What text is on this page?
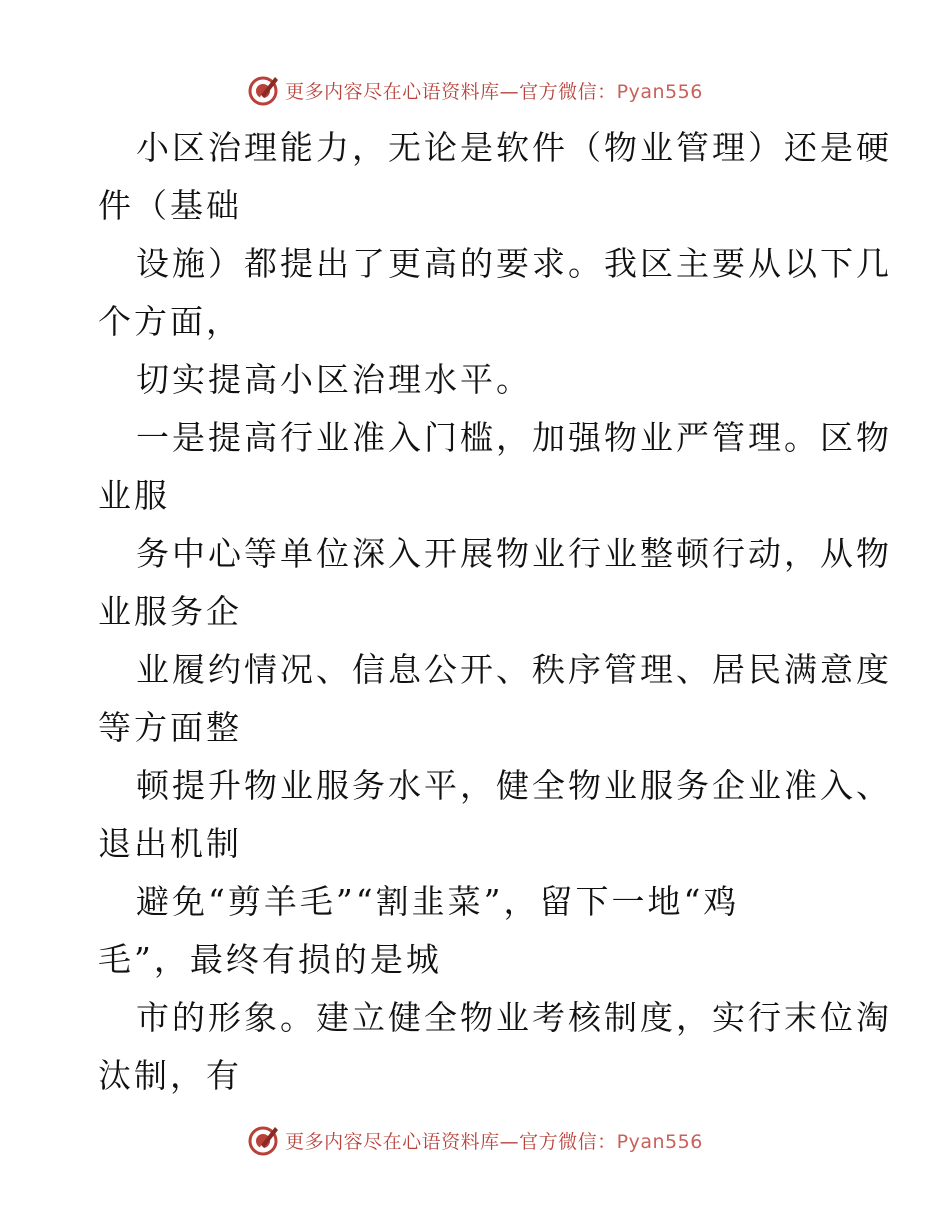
更多内容尽在心语资料库—官方微信：Pyan556
小区治理能力，无论是软件（物业管理）还是硬
件（基础
设施）都提出了更高的要求。我区主要从以下几
个方面，
切实提高小区治理水平。
一是提高行业准入门槛，加强物业严管理。区物
业服
务中心等单位深入开展物业行业整顿行动，从物
业服务企
业履约情况、信息公开、秩序管理、居民满意度
等方面整
顿提升物业服务水平，健全物业服务企业准入、
退出机制
避免“剪羊毛”“割韭菜”，留下一地“鸡
毛”，最终有损的是城
市的形象。建立健全物业考核制度，实行末位淘
汰制，有
更多内容尽在心语资料库—官方微信：Pyan556
